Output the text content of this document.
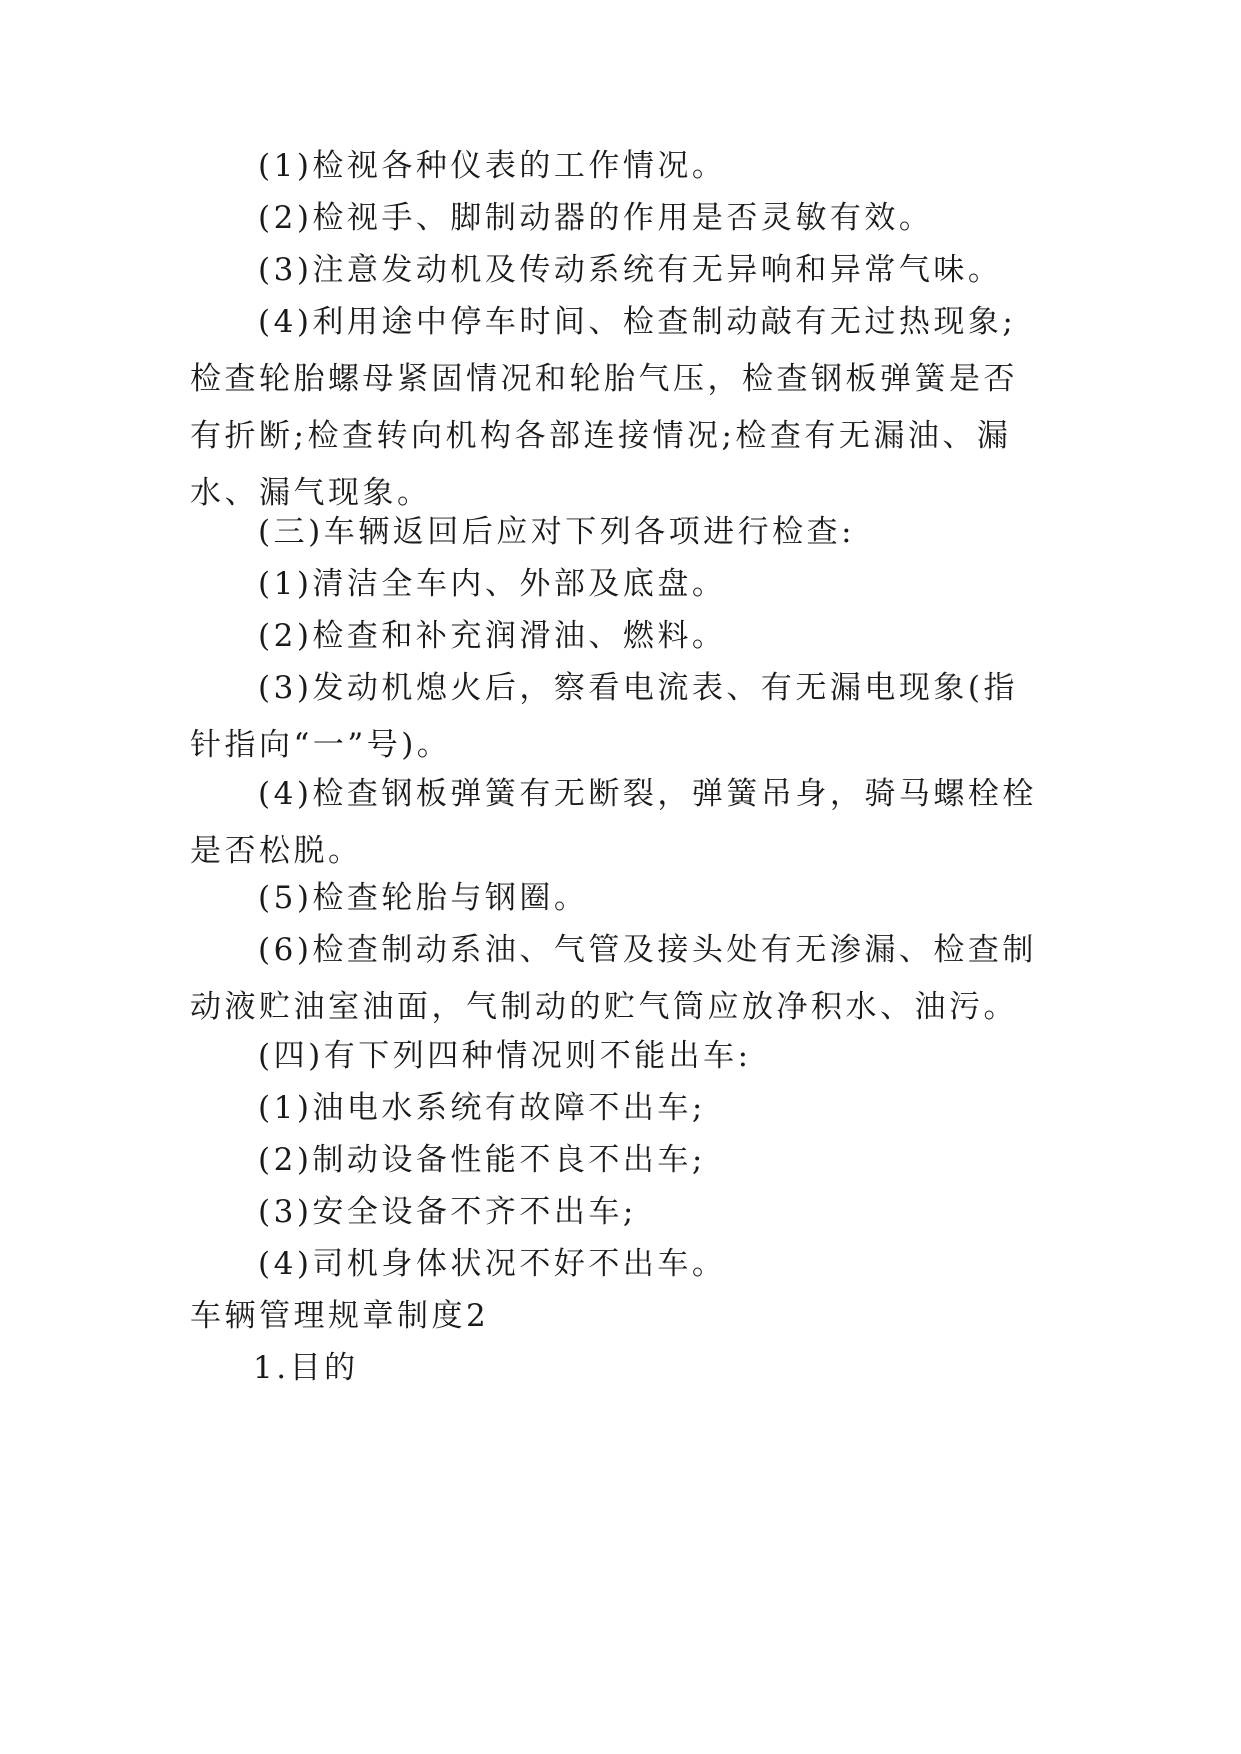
(1)检视各种仪表的工作情况。

(2)检视手、脚制动器的作用是否灵敏有效。

(3)注意发动机及传动系统有无异响和异常气味。

(4)利用途中停车时间、检查制动敲有无过热现象;检查轮胎螺母紧固情况和轮胎气压，检查钢板弹簧是否有折断;检查转向机构各部连接情况;检查有无漏油、漏水、漏气现象。

(三)车辆返回后应对下列各项进行检查:

(1)清洁全车内、外部及底盘。

(2)检查和补充润滑油、燃料。

(3)发动机熄火后，察看电流表、有无漏电现象(指针指向“一”号)。

(4)检查钢板弹簧有无断裂，弹簧吊身，骑马螺栓栓是否松脱。

(5)检查轮胎与钢圈。

(6)检查制动系油、气管及接头处有无渗漏、检查制动液贮油室油面，气制动的贮气筒应放净积水、油污。

(四)有下列四种情况则不能出车:

(1)油电水系统有故障不出车;

(2)制动设备性能不良不出车;

(3)安全设备不齐不出车;

(4)司机身体状况不好不出车。

车辆管理规章制度2

1.目的
